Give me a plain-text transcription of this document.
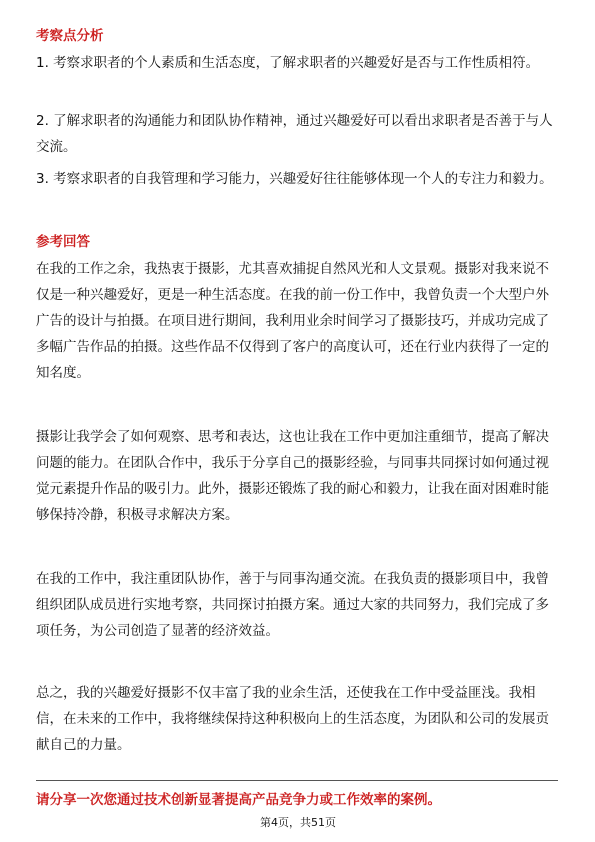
考察点分析

1. 考察求职者的个人素质和生活态度，了解求职者的兴趣爱好是否与工作性质相符。

2. 了解求职者的沟通能力和团队协作精神，通过兴趣爱好可以看出求职者是否善于与人交流。

3. 考察求职者的自我管理和学习能力，兴趣爱好往往能够体现一个人的专注力和毅力。

参考回答

在我的工作之余，我热衷于摄影，尤其喜欢捕捉自然风光和人文景观。摄影对我来说不仅是一种兴趣爱好，更是一种生活态度。在我的前一份工作中，我曾负责一个大型户外广告的设计与拍摄。在项目进行期间，我利用业余时间学习了摄影技巧，并成功完成了多幅广告作品的拍摄。这些作品不仅得到了客户的高度认可，还在行业内获得了一定的知名度。

摄影让我学会了如何观察、思考和表达，这也让我在工作中更加注重细节，提高了解决问题的能力。在团队合作中，我乐于分享自己的摄影经验，与同事共同探讨如何通过视觉元素提升作品的吸引力。此外，摄影还锻炼了我的耐心和毅力，让我在面对困难时能够保持冷静，积极寻求解决方案。

在我的工作中，我注重团队协作，善于与同事沟通交流。在我负责的摄影项目中，我曾组织团队成员进行实地考察，共同探讨拍摄方案。通过大家的共同努力，我们完成了多项任务，为公司创造了显著的经济效益。

总之，我的兴趣爱好摄影不仅丰富了我的业余生活，还使我在工作中受益匪浅。我相信，在未来的工作中，我将继续保持这种积极向上的生活态度，为团队和公司的发展贡献自己的力量。

请分享一次您通过技术创新显著提高产品竞争力或工作效率的案例。
第4页，共51页
